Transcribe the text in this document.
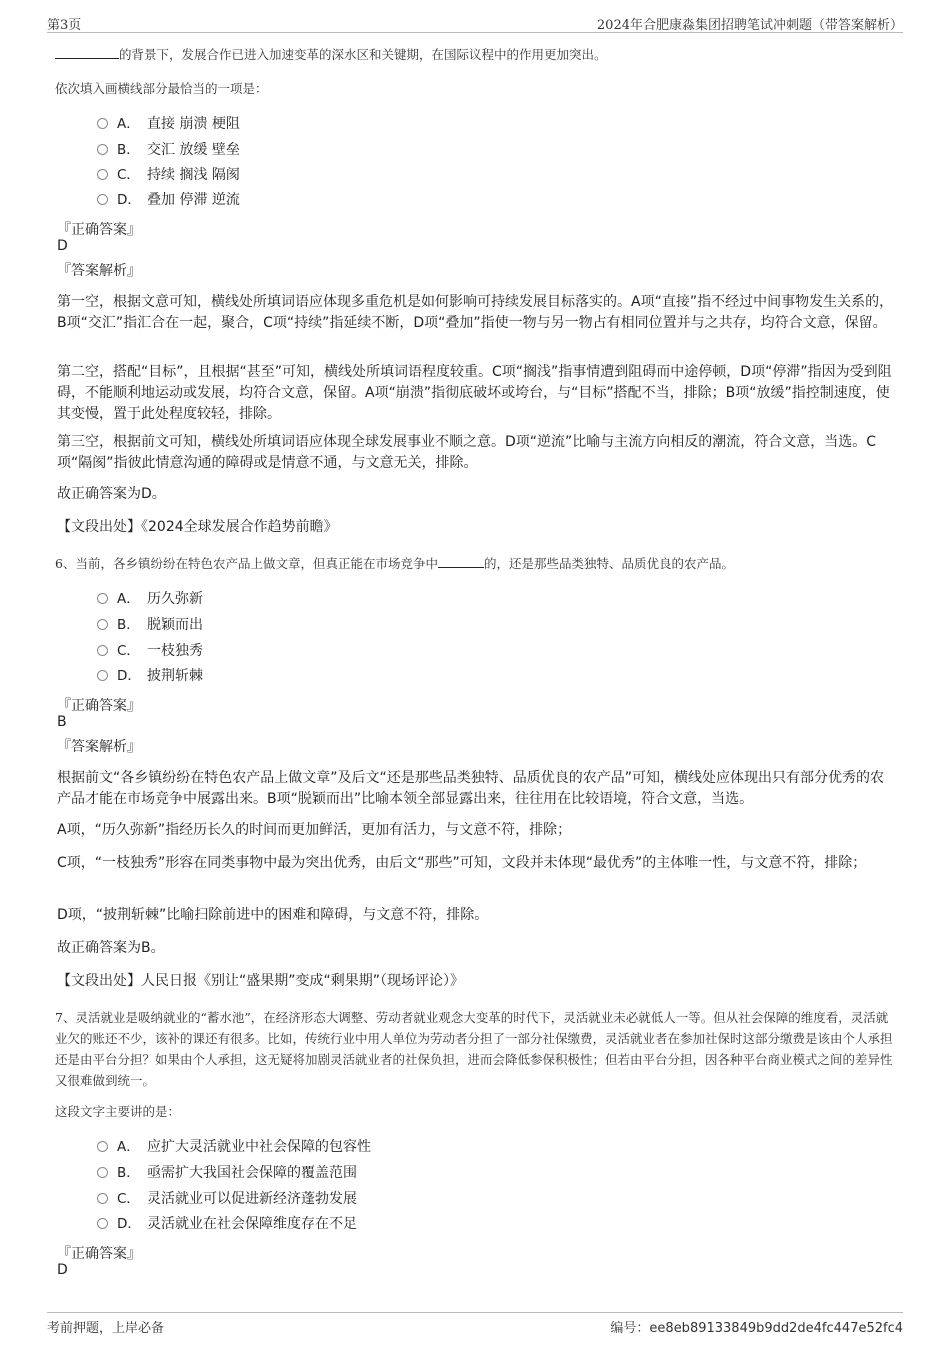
第3页	2024年合肥康淼集团招聘笔试冲刺题（带答案解析）
的背景下，发展合作已进入加速变革的深水区和关键期，在国际议程中的作用更加突出。
依次填入画横线部分最恰当的一项是：
A． 直接 崩溃 梗阻
B． 交汇 放缓 壁垒
C． 持续 搁浅 隔阂
D． 叠加 停滞 逆流
『正确答案』
D
『答案解析』
第一空，根据文意可知，横线处所填词语应体现多重危机是如何影响可持续发展目标落实的。A项“直接”指不经过中间事物发生关系的，B项“交汇”指汇合在一起，聚合，C项“持续”指延续不断，D项“叠加”指使一物与另一物占有相同位置并与之共存，均符合文意，保留。
第二空，搭配“目标”，且根据“甚至”可知，横线处所填词语程度较重。C项“搁浅”指事情遭到阻碍而中途停顿，D项“停滞”指因为受到阻碍，不能顺利地运动或发展，均符合文意，保留。A项“崩溃”指彻底破坏或垮台，与“目标”搭配不当，排除；B项“放缓”指控制速度，使其变慢，置于此处程度较轻，排除。
第三空，根据前文可知，横线处所填词语应体现全球发展事业不顺之意。D项“逆流”比喻与主流方向相反的潮流，符合文意，当选。C项“隔阂”指彼此情意沟通的障碍或是情意不通，与文意无关，排除。
故正确答案为D。
【文段出处】《2024全球发展合作趋势前瞻》
6、当前，各乡镇纷纷在特色农产品上做文章，但真正能在市场竞争中	的，还是那些品类独特、品质优良的农产品。
A． 历久弥新
B． 脱颖而出
C． 一枝独秀
D． 披荆斩棘
『正确答案』
B
『答案解析』
根据前文“各乡镇纷纷在特色农产品上做文章”及后文“还是那些品类独特、品质优良的农产品”可知，横线处应体现出只有部分优秀的农产品才能在市场竞争中展露出来。B项“脱颖而出”比喻本领全部显露出来，往往用在比较语境，符合文意，当选。
A项，“历久弥新”指经历长久的时间而更加鲜活，更加有活力，与文意不符，排除；
C项，“一枝独秀”形容在同类事物中最为突出优秀，由后文“那些”可知，文段并未体现“最优秀”的主体唯一性，与文意不符，排除；
D项，“披荆斩棘”比喻扫除前进中的困难和障碍，与文意不符，排除。
故正确答案为B。
【文段出处】人民日报《别让“盛果期”变成“剩果期”（现场评论）》
7、灵活就业是吸纳就业的“蓄水池”，在经济形态大调整、劳动者就业观念大变革的时代下，灵活就业未必就低人一等。但从社会保障的维度看，灵活就业欠的账还不少，该补的课还有很多。比如，传统行业中用人单位为劳动者分担了一部分社保缴费，灵活就业者在参加社保时这部分缴费是该由个人承担还是由平台分担？如果由个人承担，这无疑将加剧灵活就业者的社保负担，进而会降低参保积极性；但若由平台分担，因各种平台商业模式之间的差异性又很难做到统一。
这段文字主要讲的是：
A． 应扩大灵活就业中社会保障的包容性
B． 亟需扩大我国社会保障的覆盖范围
C． 灵活就业可以促进新经济蓬勃发展
D． 灵活就业在社会保障维度存在不足
『正确答案』
D
考前押题，上岸必备	编号：ee8eb89133849b9dd2de4fc447e52fc4
